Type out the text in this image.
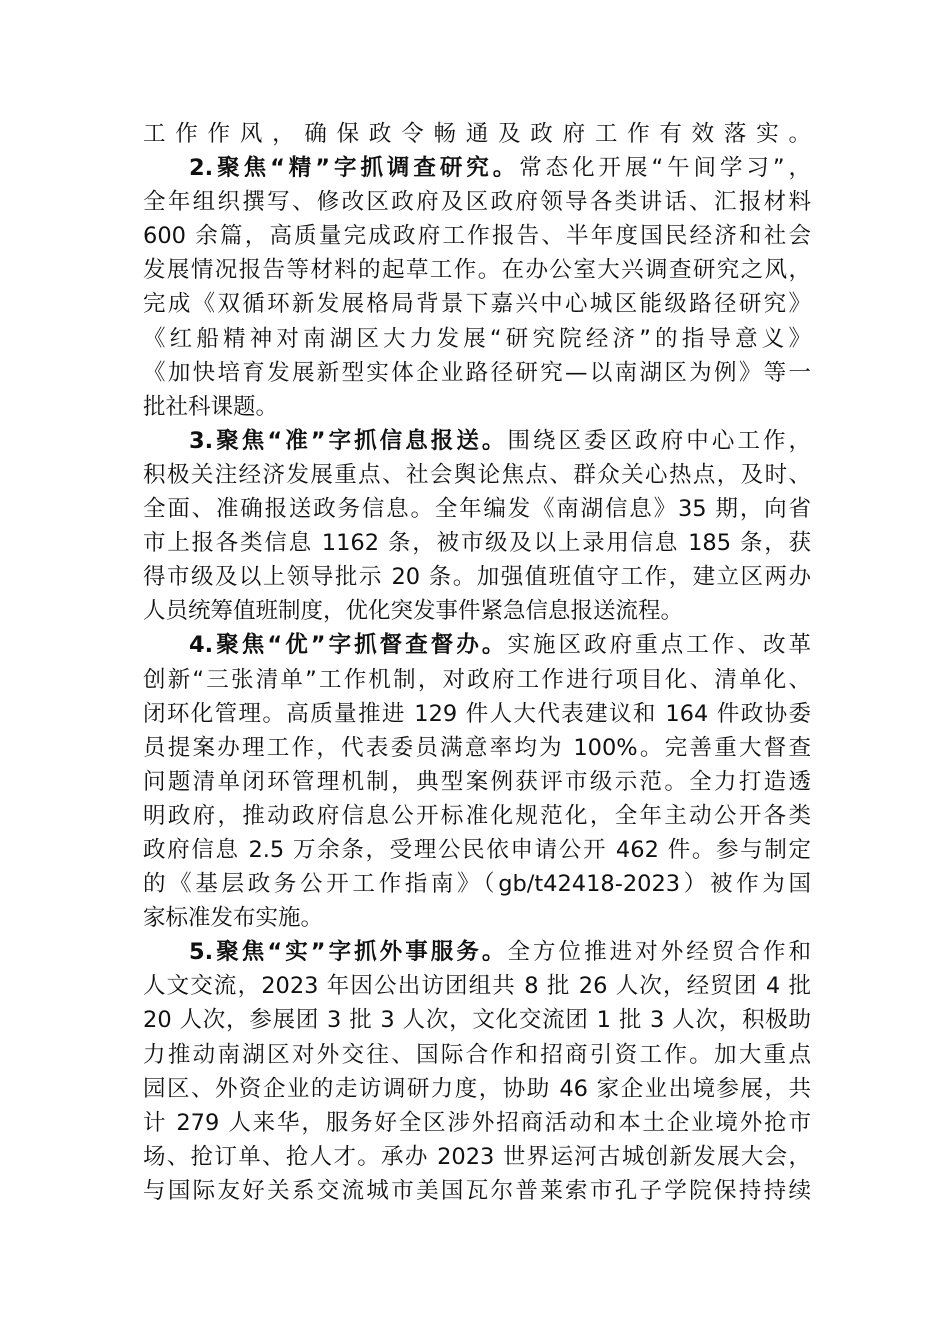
工作作风，确保政令畅通及政府工作有效落实。
2.聚焦“精”字抓调查研究。常态化开展“午间学习”，
全年组织撰写、修改区政府及区政府领导各类讲话、汇报材料
600 余篇，高质量完成政府工作报告、半年度国民经济和社会
发展情况报告等材料的起草工作。在办公室大兴调查研究之风，
完成《双循环新发展格局背景下嘉兴中心城区能级路径研究》
《红船精神对南湖区大力发展“研究院经济”的指导意义》
《加快培育发展新型实体企业路径研究—以南湖区为例》等一
批社科课题。
3.聚焦“准”字抓信息报送。围绕区委区政府中心工作，
积极关注经济发展重点、社会舆论焦点、群众关心热点，及时、
全面、准确报送政务信息。全年编发《南湖信息》35 期，向省
市上报各类信息 1162 条，被市级及以上录用信息 185 条，获
得市级及以上领导批示 20 条。加强值班值守工作，建立区两办
人员统筹值班制度，优化突发事件紧急信息报送流程。
4.聚焦“优”字抓督查督办。实施区政府重点工作、改革
创新“三张清单”工作机制，对政府工作进行项目化、清单化、
闭环化管理。高质量推进 129 件人大代表建议和 164 件政协委
员提案办理工作，代表委员满意率均为 100%。完善重大督查
问题清单闭环管理机制，典型案例获评市级示范。全力打造透
明政府，推动政府信息公开标准化规范化，全年主动公开各类
政府信息 2.5 万余条，受理公民依申请公开 462 件。参与制定
的《基层政务公开工作指南》（gb/t42418-2023）被作为国
家标准发布实施。
5.聚焦“实”字抓外事服务。全方位推进对外经贸合作和
人文交流，2023 年因公出访团组共 8 批 26 人次，经贸团 4 批
20 人次，参展团 3 批 3 人次，文化交流团 1 批 3 人次，积极助
力推动南湖区对外交往、国际合作和招商引资工作。加大重点
园区、外资企业的走访调研力度，协助 46 家企业出境参展，共
计 279 人来华，服务好全区涉外招商活动和本土企业境外抢市
场、抢订单、抢人才。承办 2023 世界运河古城创新发展大会，
与国际友好关系交流城市美国瓦尔普莱索市孔子学院保持持续
